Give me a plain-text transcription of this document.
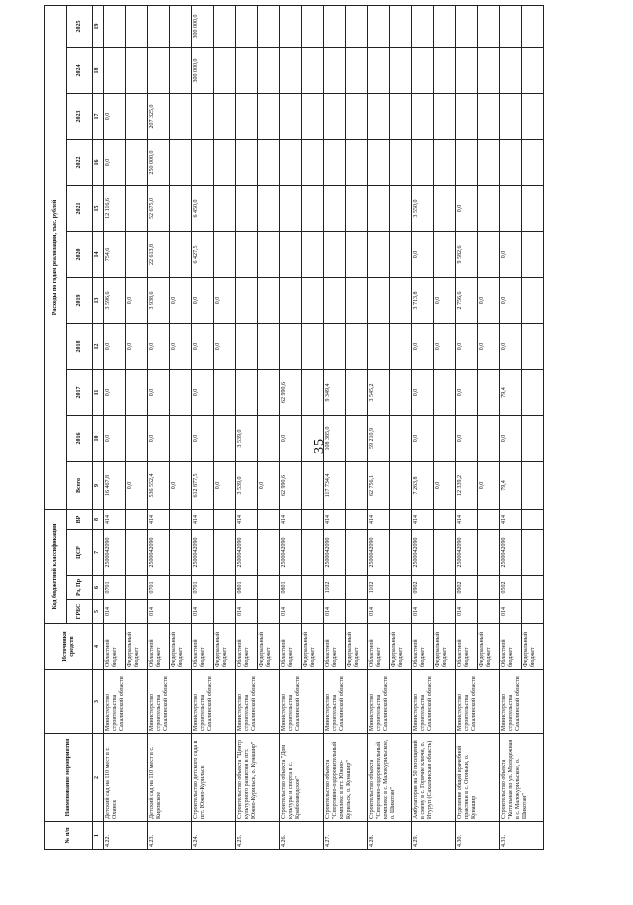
35
№ п/п	Наименование мероприятия		Источники средств	Код бюджетной классификации				Расходы по годам реализации, тыс. рублей										
				ГРБС	Рз, Пр	ЦСР	ВР	Всего	2016	2017	2018	2019	2020	2021	2022	2023	2024	2025
1	2	3	4	5	6	7	8	9	10	11	12	13	14	15	16	17	18	19
4.22.	Детский сад на 110 мест в г. Охинск	Министерство строительства Сахалинской области	Областной бюджет	014	0701	2500042090	414	16 467,8	0,0	0,0	0,0	3 596,6	754,6	12 116,6	0,0	0,0		
			Федеральный бюджет					0,0			0,0	0,0						
4.23.	Детский сад на 110 мест в с. Кировское	Министерство строительства Сахалинской области	Областной бюджет	014	0701	2500042090	414	536 552,4	0,0	0,0	0,0	3 938,6	22 613,8	52 675,0	250 000,0	207 325,0		
			Федеральный бюджет					0,0			0,0	0,0						
4.24.	Строительство детского сада в пгт. Южно-Курильск	Министерство строительства Сахалинской области	Областной бюджет	014	0701	2500042090	414	612 877,5	0,0	0,0	0,0	0,0	6 427,5	6 450,0			300 000,0	300 000,0
			Федеральный бюджет					0,0			0,0	0,0						
4.25.	Строительство объекта "Центр культурного развития в пгт. Южно-Курильск, о. Кунашир"	Министерство строительства Сахалинской области	Областной бюджет	014	0801	2500042090	414	3 539,0	3 539,0									
			Федеральный бюджет					0,0										
4.26.	Строительство объекта "Дом культуры и спорта в с. Крабозаводское"	Министерство строительства Сахалинской области	Областной бюджет	014	0801	2500042090	414	62 990,6	0,0	62 990,6								
			Федеральный бюджет															
4.27.	Строительство объекта "Спортивно-оздоровительный комплекс в пгт. Южно-Курильск, о. Кунашир"	Министерство строительства Сахалинской области	Областной бюджет	014	1102	2500042090	414	117 734,4	108 385,0	9 349,4								
			Федеральный бюджет															
4.28.	Строительство объекта "Спортивно-оздоровительный комплекс в с. Малокурильское, о. Шикотан"	Министерство строительства Сахалинской области	Областной бюджет	014	1102	2500042090	414	62 756,1	59 210,9	3 545,2								
			Федеральный бюджет															
4.29.	Амбулатория на 50 посещений в смену в с. Горячие ключи, о. Итуруп (Сахалинская область)	Министерство строительства Сахалинской области	Областной бюджет	014	0902	2500042090	414	7 263,8	0,0	0,0	0,0	3 713,8	0,0	3 550,0				
			Федеральный бюджет					0,0			0,0	0,0						
4.30.	Отделение общей врачебной практики в с. Огоньки, о. Кунашир	Министерство строительства Сахалинской области	Областной бюджет	014	0902	2500042090	414	12 339,2	0,0	0,0	0,0	2 756,6	9 582,6	0,0				
			Федеральный бюджет					0,0			0,0	0,0						
4.31.	Строительство объекта "Котельная по ул. Молодежная в с. Малокурильское, о. Шикотан"	Министерство строительства Сахалинской области	Областной бюджет	014	0502	2500042090	414	79,4	0,0	79,4	0,0	0,0	0,0					
			Федеральный бюджет															
